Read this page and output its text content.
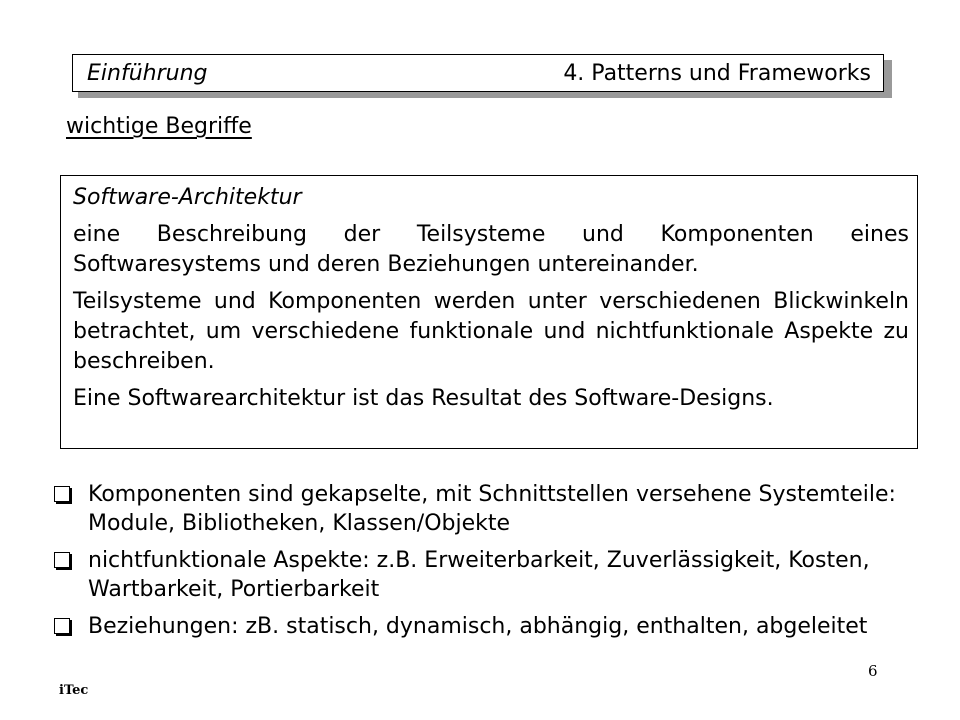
Einführung	4. Patterns und Frameworks
wichtige Begriffe
Software-Architektur

eine Beschreibung der Teilsysteme und Komponenten eines Softwaresystems und deren Beziehungen untereinander.

Teilsysteme und Komponenten werden unter verschiedenen Blickwinkeln betrachtet, um verschiedene funktionale und nichtfunktionale Aspekte zu beschreiben.

Eine Softwarearchitektur ist das Resultat des Software-Designs.

Komponenten sind gekapselte, mit Schnittstellen versehene Systemteile: Module, Bibliotheken, Klassen/Objekte
nichtfunktionale Aspekte: z.B. Erweiterbarkeit, Zuverlässigkeit, Kosten, Wartbarkeit, Portierbarkeit
Beziehungen: zB. statisch, dynamisch, abhängig, enthalten, abgeleitet
iTec
6
